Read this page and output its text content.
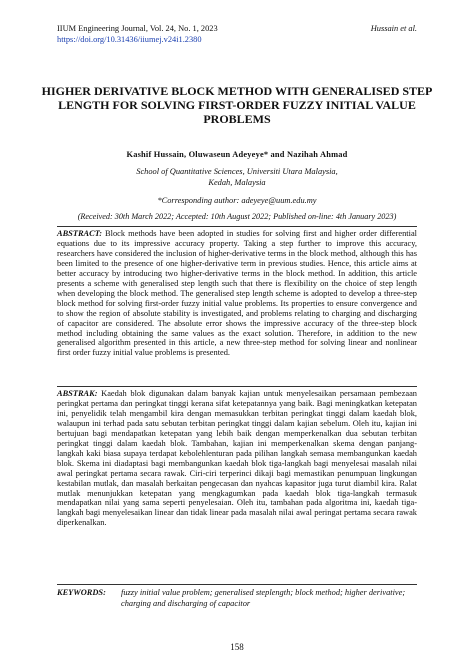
IIUM Engineering Journal, Vol. 24, No. 1, 2023
https://doi.org/10.31436/iiumej.v24i1.2380
Hussain et al.
HIGHER DERIVATIVE BLOCK METHOD WITH GENERALISED STEP LENGTH FOR SOLVING FIRST-ORDER FUZZY INITIAL VALUE PROBLEMS
Kashif Hussain, Oluwaseun Adeyeye* and Nazihah Ahmad
School of Quantitative Sciences, Universiti Utara Malaysia,
Kedah, Malaysia
*Corresponding author: adeyeye@uum.edu.my
(Received: 30th March 2022; Accepted: 10th August 2022; Published on-line: 4th January 2023)
ABSTRACT: Block methods have been adopted in studies for solving first and higher order differential equations due to its impressive accuracy property. Taking a step further to improve this accuracy, researchers have considered the inclusion of higher-derivative terms in the block method, although this has been limited to the presence of one higher-derivative term in previous studies. Hence, this article aims at better accuracy by introducing two higher-derivative terms in the block method. In addition, this article presents a scheme with generalised step length such that there is flexibility on the choice of step length when developing the block method. The generalised step length scheme is adopted to develop a three-step block method for solving first-order fuzzy initial value problems. Its properties to ensure convergence and to show the region of absolute stability is investigated, and problems relating to charging and discharging of capacitor are considered. The absolute error shows the impressive accuracy of the three-step block method including obtaining the same values as the exact solution. Therefore, in addition to the new generalised algorithm presented in this article, a new three-step method for solving linear and nonlinear first order fuzzy initial value problems is presented.
ABSTRAK: Kaedah blok digunakan dalam banyak kajian untuk menyelesaikan persamaan pembezaan peringkat pertama dan peringkat tinggi kerana sifat ketepatannya yang baik. Bagi meningkatkan ketepatan ini, penyelidik telah mengambil kira dengan memasukkan terbitan peringkat tinggi dalam kaedah blok, walaupun ini terhad pada satu sebutan terbitan peringkat tinggi dalam kajian sebelum. Oleh itu, kajian ini bertujuan bagi mendapatkan ketepatan yang lebih baik dengan memperkenalkan dua sebutan terbitan peringkat tinggi dalam kaedah blok. Tambahan, kajian ini memperkenalkan skema dengan panjang-langkah kaki biasa supaya terdapat kebolehlenturan pada pilihan langkah semasa membangunkan kaedah blok. Skema ini diadaptasi bagi membangunkan kaedah blok tiga-langkah bagi menyelesai masalah nilai awal peringkat pertama secara rawak. Ciri-ciri terperinci dikaji bagi memastikan penumpuan lingkungan kestabilan mutlak, dan masalah berkaitan pengecasan dan nyahcas kapasitor juga turut diambil kira. Ralat mutlak menunjukkan ketepatan yang mengkagumkan pada kaedah blok tiga-langkah termasuk mendapatkan nilai yang sama seperti penyelesaian. Oleh itu, tambahan pada algoritma ini, kaedah tiga-langkah bagi menyelesaikan linear dan tidak linear pada masalah nilai awal peringat pertama secara rawak diperkenalkan.
KEYWORDS: fuzzy initial value problem; generalised steplength; block method; higher derivative; charging and discharging of capacitor
158
